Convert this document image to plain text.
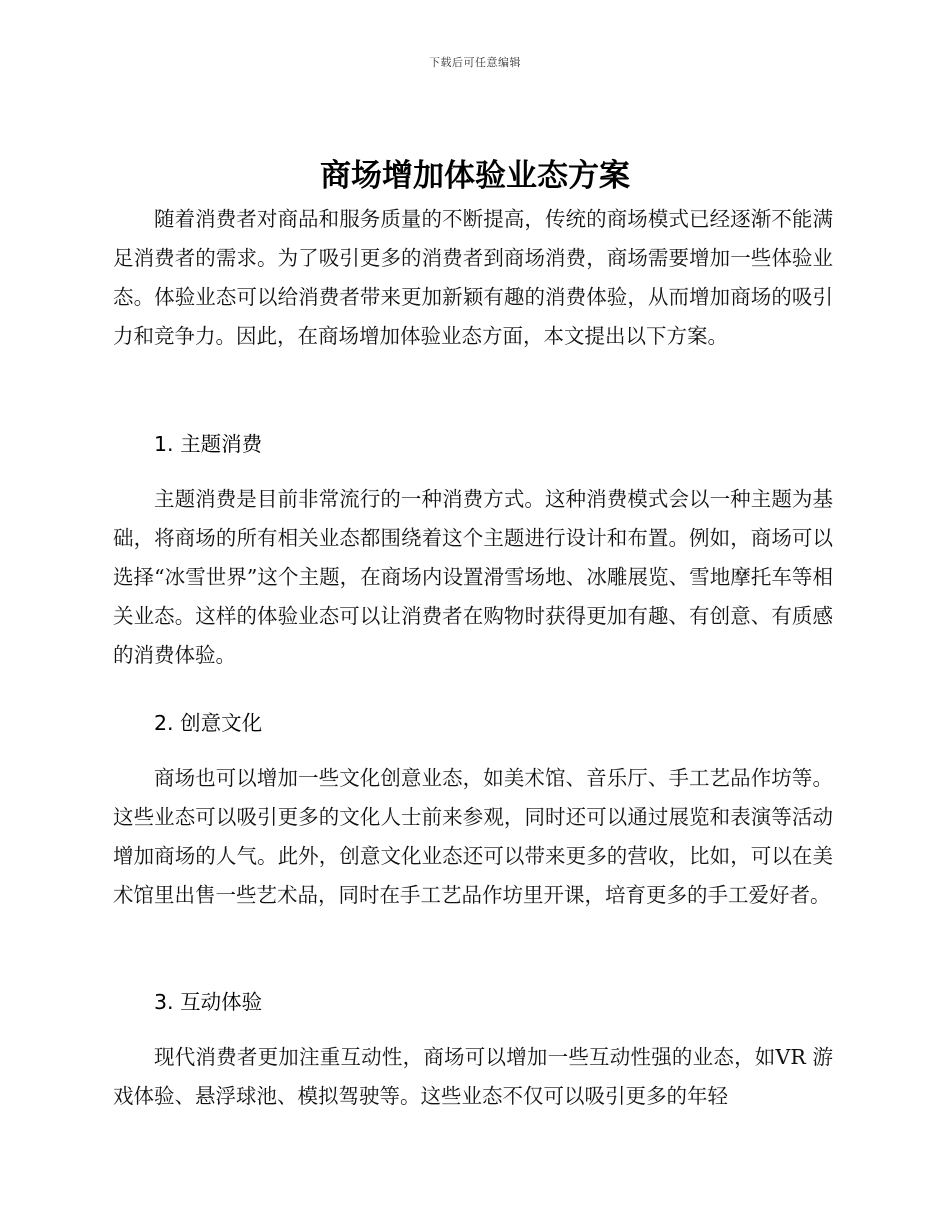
下载后可任意编辑
商场增加体验业态方案

随着消费者对商品和服务质量的不断提高，传统的商场模式已经逐渐不能满足消费者的需求。为了吸引更多的消费者到商场消费，商场需要增加一些体验业态。体验业态可以给消费者带来更加新颖有趣的消费体验，从而增加商场的吸引力和竞争力。因此，在商场增加体验业态方面，本文提出以下方案。

1. 主题消费

主题消费是目前非常流行的一种消费方式。这种消费模式会以一种主题为基础，将商场的所有相关业态都围绕着这个主题进行设计和布置。例如，商场可以选择“冰雪世界”这个主题，在商场内设置滑雪场地、冰雕展览、雪地摩托车等相关业态。这样的体验业态可以让消费者在购物时获得更加有趣、有创意、有质感的消费体验。

2. 创意文化

商场也可以增加一些文化创意业态，如美术馆、音乐厅、手工艺品作坊等。这些业态可以吸引更多的文化人士前来参观，同时还可以通过展览和表演等活动增加商场的人气。此外，创意文化业态还可以带来更多的营收，比如，可以在美术馆里出售一些艺术品，同时在手工艺品作坊里开课，培育更多的手工爱好者。

3. 互动体验

现代消费者更加注重互动性，商场可以增加一些互动性强的业态，如VR 游戏体验、悬浮球池、模拟驾驶等。这些业态不仅可以吸引更多的年轻
